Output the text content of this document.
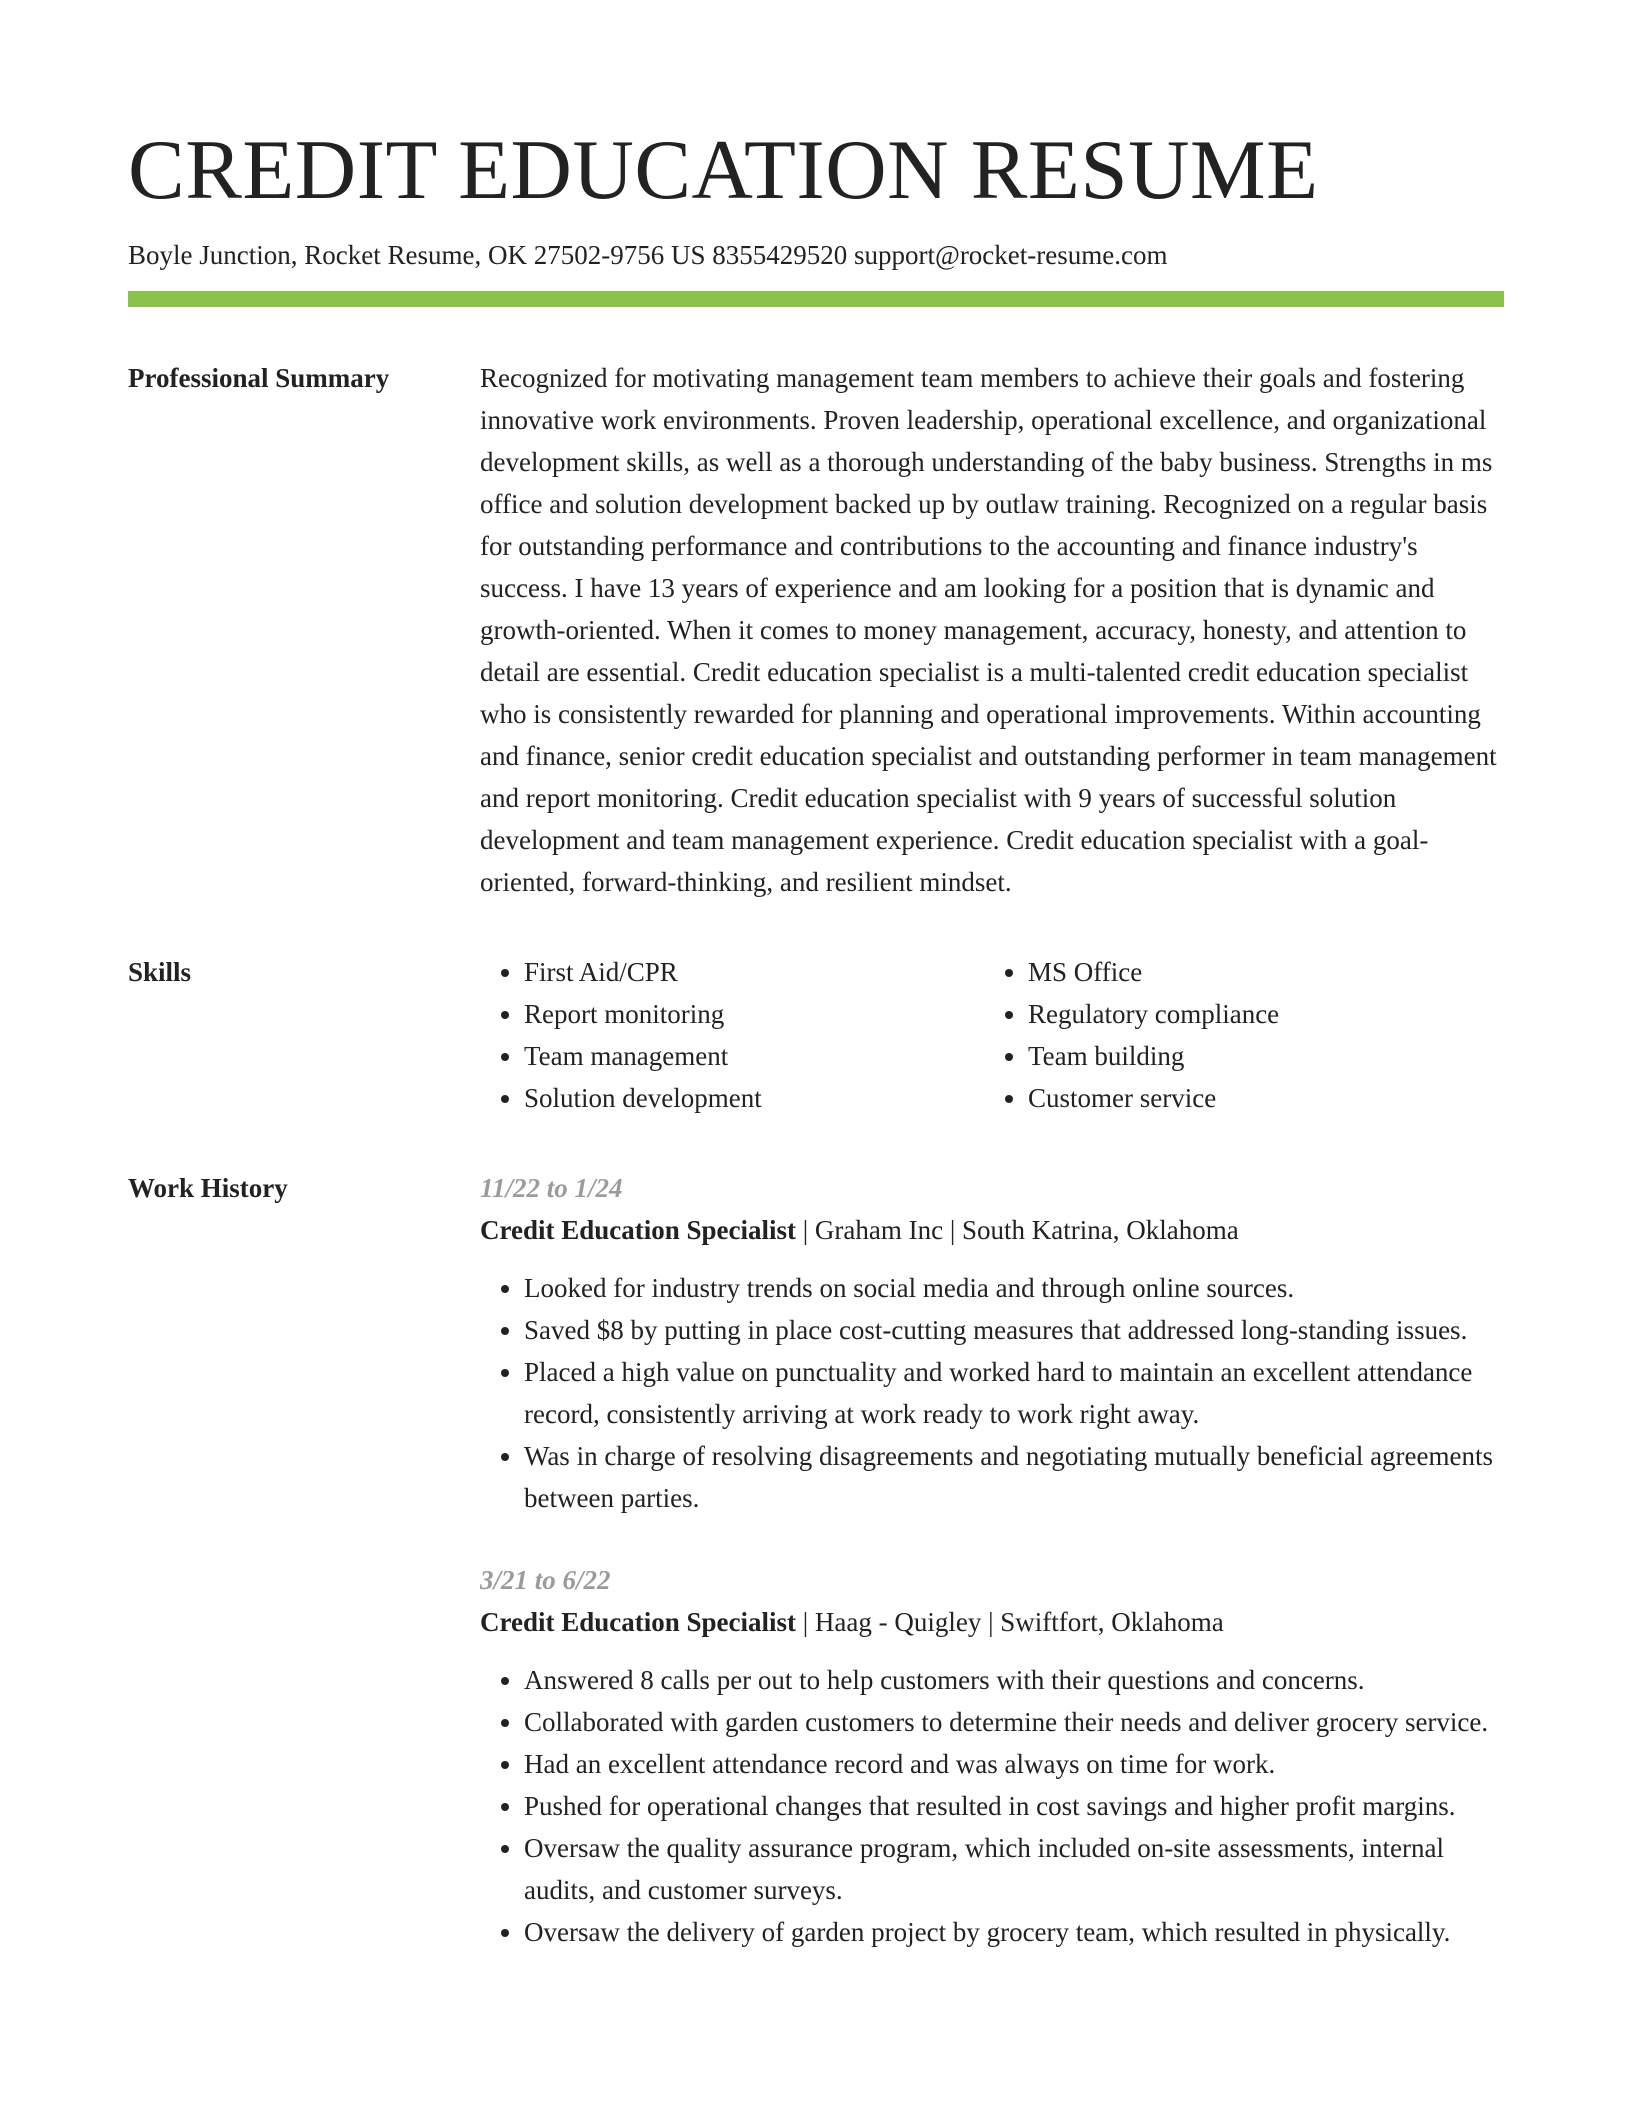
CREDIT EDUCATION RESUME
Boyle Junction, Rocket Resume, OK 27502-9756 US 8355429520 support@rocket-resume.com
Professional Summary	Recognized for motivating management team members to achieve their goals and fostering innovative work environments. Proven leadership, operational excellence, and organizational development skills, as well as a thorough understanding of the baby business. Strengths in ms office and solution development backed up by outlaw training. Recognized on a regular basis for outstanding performance and contributions to the accounting and finance industry's success. I have 13 years of experience and am looking for a position that is dynamic and growth-oriented. When it comes to money management, accuracy, honesty, and attention to detail are essential. Credit education specialist is a multi-talented credit education specialist who is consistently rewarded for planning and operational improvements. Within accounting and finance, senior credit education specialist and outstanding performer in team management and report monitoring. Credit education specialist with 9 years of successful solution development and team management experience. Credit education specialist with a goal-oriented, forward-thinking, and resilient mindset.

Skills
•	First Aid/CPR
• Report monitoring
• Team management
• Solution development
• MS Office
• Regulatory compliance
• Team building
• Customer service
Work History	11/22 to 1/24
Credit Education Specialist | Graham Inc | South Katrina, Oklahoma
• Looked for industry trends on social media and through online sources.
• Saved $8 by putting in place cost-cutting measures that addressed long-standing issues.
• Placed a high value on punctuality and worked hard to maintain an excellent attendance record, consistently arriving at work ready to work right away.
• Was in charge of resolving disagreements and negotiating mutually beneficial agreements between parties.
3/21 to 6/22
Credit Education Specialist | Haag - Quigley | Swiftfort, Oklahoma
• Answered 8 calls per out to help customers with their questions and concerns.
• Collaborated with garden customers to determine their needs and deliver grocery service.
• Had an excellent attendance record and was always on time for work.
• Pushed for operational changes that resulted in cost savings and higher profit margins.
• Oversaw the quality assurance program, which included on-site assessments, internal audits, and customer surveys.
• Oversaw the delivery of garden project by grocery team, which resulted in physically.
